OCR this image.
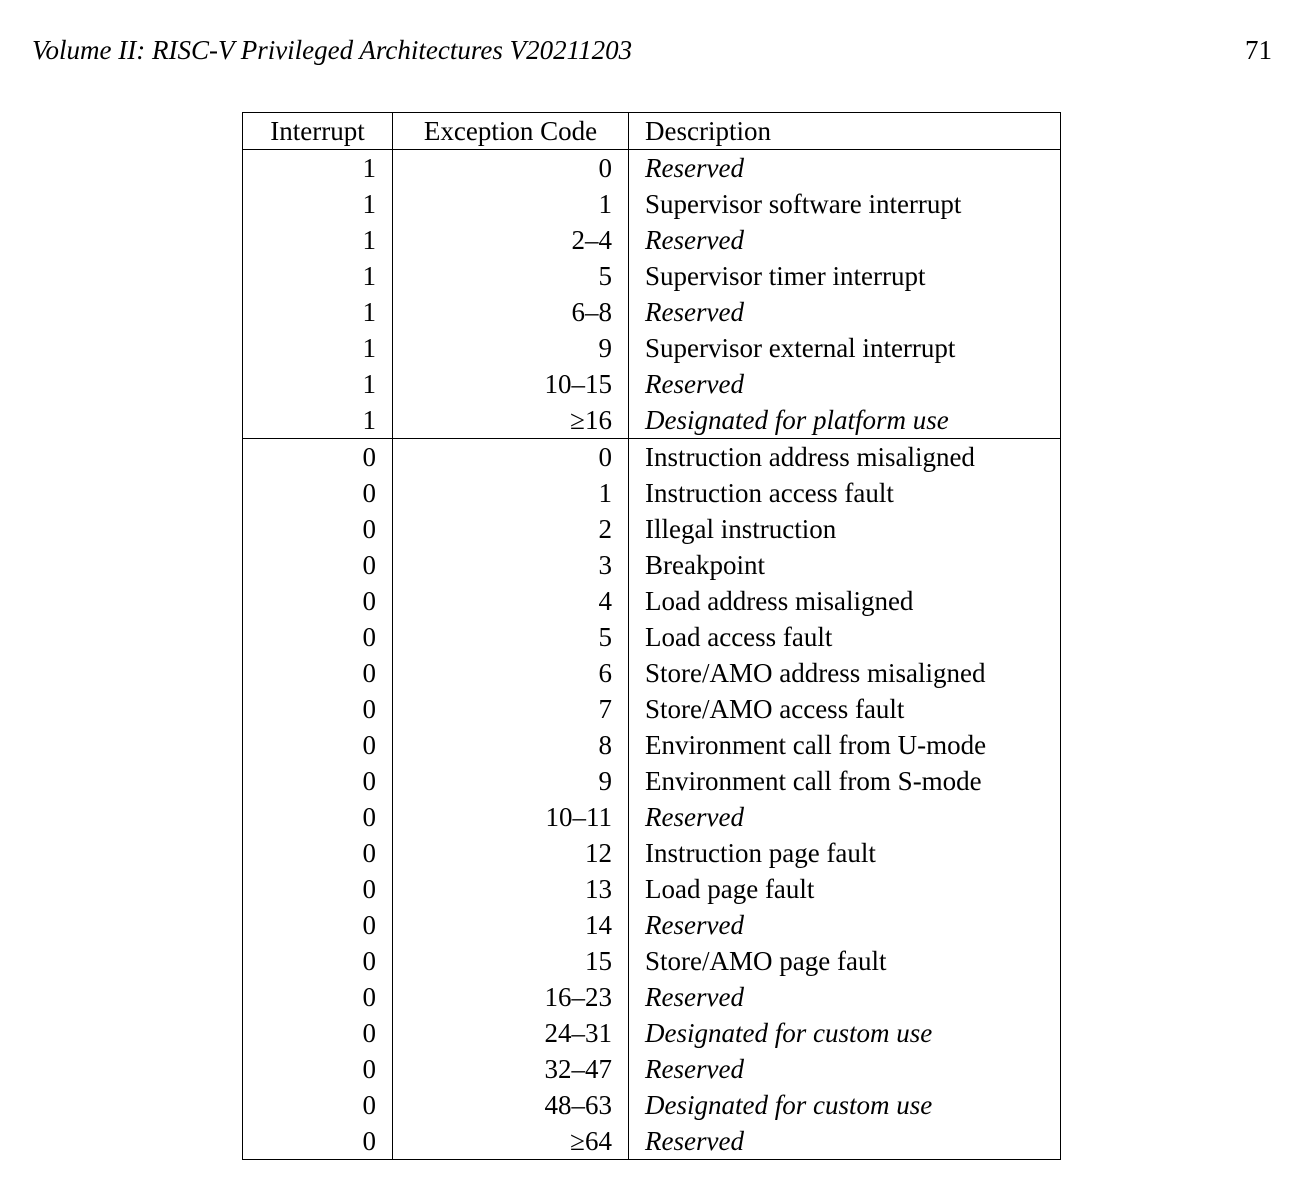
Volume II: RISC-V Privileged Architectures V20211203	71
Interrupt	Exception Code	Description
1	0	Reserved
1	1	Supervisor software interrupt
1	2–4	Reserved
1	5	Supervisor timer interrupt
1	6–8	Reserved
1	9	Supervisor external interrupt
1	10–15	Reserved
1	≥16	Designated for platform use
0	0	Instruction address misaligned
0	1	Instruction access fault
0	2	Illegal instruction
0	3	Breakpoint
0	4	Load address misaligned
0	5	Load access fault
0	6	Store/AMO address misaligned
0	7	Store/AMO access fault
0	8	Environment call from U-mode
0	9	Environment call from S-mode
0	10–11	Reserved
0	12	Instruction page fault
0	13	Load page fault
0	14	Reserved
0	15	Store/AMO page fault
0	16–23	Reserved
0	24–31	Designated for custom use
0	32–47	Reserved
0	48–63	Designated for custom use
0	≥64	Reserved
